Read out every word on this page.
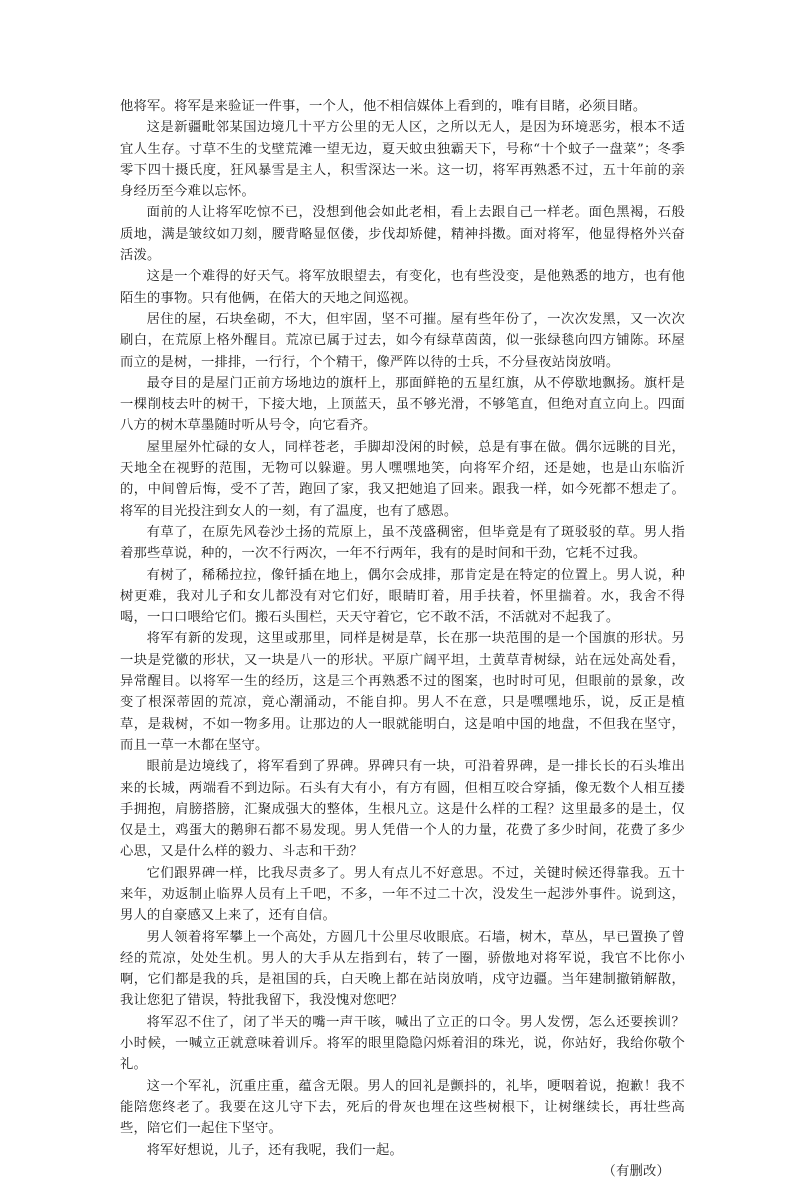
他将军。将军是来验证一件事，一个人，他不相信媒体上看到的，唯有目睹，必须目睹。

这是新疆毗邻某国边境几十平方公里的无人区，之所以无人，是因为环境恶劣，根本不适宜人生存。寸草不生的戈壁荒滩一望无边，夏天蚊虫独霸天下，号称“十个蚊子一盘菜”；冬季零下四十摄氏度，狂风暴雪是主人，积雪深达一米。这一切，将军再熟悉不过，五十年前的亲身经历至今难以忘怀。

面前的人让将军吃惊不已，没想到他会如此老相，看上去跟自己一样老。面色黑褐，石般质地，满是皱纹如刀刻，腰背略显伛偻，步伐却矫健，精神抖擞。面对将军，他显得格外兴奋活泼。

这是一个难得的好天气。将军放眼望去，有变化，也有些没变，是他熟悉的地方，也有他陌生的事物。只有他俩，在偌大的天地之间巡视。

居住的屋，石块垒砌，不大，但牢固，坚不可摧。屋有些年份了，一次次发黑，又一次次刷白，在荒原上格外醒目。荒凉已属于过去，如今有绿草茵茵，似一张绿毯向四方铺陈。环屋而立的是树，一排排，一行行，个个精干，像严阵以待的士兵，不分昼夜站岗放哨。

最夺目的是屋门正前方场地边的旗杆上，那面鲜艳的五星红旗，从不停歇地飘扬。旗杆是一棵削枝去叶的树干，下接大地，上顶蓝天，虽不够光滑，不够笔直，但绝对直立向上。四面八方的树木草墨随时听从号令，向它看齐。

屋里屋外忙碌的女人，同样苍老，手脚却没闲的时候，总是有事在做。偶尔远眺的目光，天地全在视野的范围，无物可以躲避。男人嘿嘿地笑，向将军介绍，还是她，也是山东临沂的，中间曾后悔，受不了苦，跑回了家，我又把她追了回来。跟我一样，如今死都不想走了。将军的目光投注到女人的一刻，有了温度，也有了感恩。

有草了，在原先风卷沙土扬的荒原上，虽不茂盛稠密，但毕竟是有了斑驳驳的草。男人指着那些草说，种的，一次不行两次，一年不行两年，我有的是时间和干劲，它耗不过我。

有树了，稀稀拉拉，像钎插在地上，偶尔会成排，那肯定是在特定的位置上。男人说，种树更难，我对儿子和女儿都没有对它们好，眼睛盯着，用手扶着，怀里揣着。水，我舍不得喝，一口口喂给它们。搬石头围栏，天天守着它，它不敢不活，不活就对不起我了。

将军有新的发现，这里或那里，同样是树是草，长在那一块范围的是一个国旗的形状。另一块是党徽的形状，又一块是八一的形状。平原广阔平坦，土黄草青树绿，站在远处高处看，异常醒目。以将军一生的经历，这是三个再熟悉不过的图案，也时时可见，但眼前的景象，改变了根深蒂固的荒凉，竟心潮涌动，不能自抑。男人不在意，只是嘿嘿地乐，说，反正是植草，是栽树，不如一物多用。让那边的人一眼就能明白，这是咱中国的地盘，不但我在坚守，而且一草一木都在坚守。

眼前是边境线了，将军看到了界碑。界碑只有一块，可沿着界碑，是一排长长的石头堆出来的长城，两端看不到边际。石头有大有小，有方有圆，但相互咬合穿插，像无数个人相互搂手拥抱，肩膀搭膀，汇聚成强大的整体，生根凡立。这是什么样的工程？这里最多的是土，仅仅是土，鸡蛋大的鹅卵石都不易发现。男人凭借一个人的力量，花费了多少时间，花费了多少心思，又是什么样的毅力、斗志和干劲？

它们跟界碑一样，比我尽责多了。男人有点儿不好意思。不过，关键时候还得靠我。五十来年，劝返制止临界人员有上千吧，不多，一年不过二十次，没发生一起涉外事件。说到这，男人的自豪感又上来了，还有自信。

男人领着将军攀上一个高处，方圆几十公里尽收眼底。石墙，树木，草丛，早已置换了曾经的荒凉，处处生机。男人的大手从左指到右，转了一圈，骄傲地对将军说，我官不比你小啊，它们都是我的兵，是祖国的兵，白天晚上都在站岗放哨，戍守边疆。当年建制撤销解散，我让您犯了错误，特批我留下，我没愧对您吧？

将军忍不住了，闭了半天的嘴一声干咳，喊出了立正的口令。男人发愣，怎么还要挨训？小时候，一喊立正就意味着训斥。将军的眼里隐隐闪烁着泪的珠光，说，你站好，我给你敬个礼。

这一个军礼，沉重庄重，蕴含无限。男人的回礼是颤抖的，礼毕，哽咽着说，抱歉！我不能陪您终老了。我要在这儿守下去，死后的骨灰也埋在这些树根下，让树继续长，再壮些高些，陪它们一起住下坚守。

将军好想说，儿子，还有我呢，我们一起。

（有删改）
